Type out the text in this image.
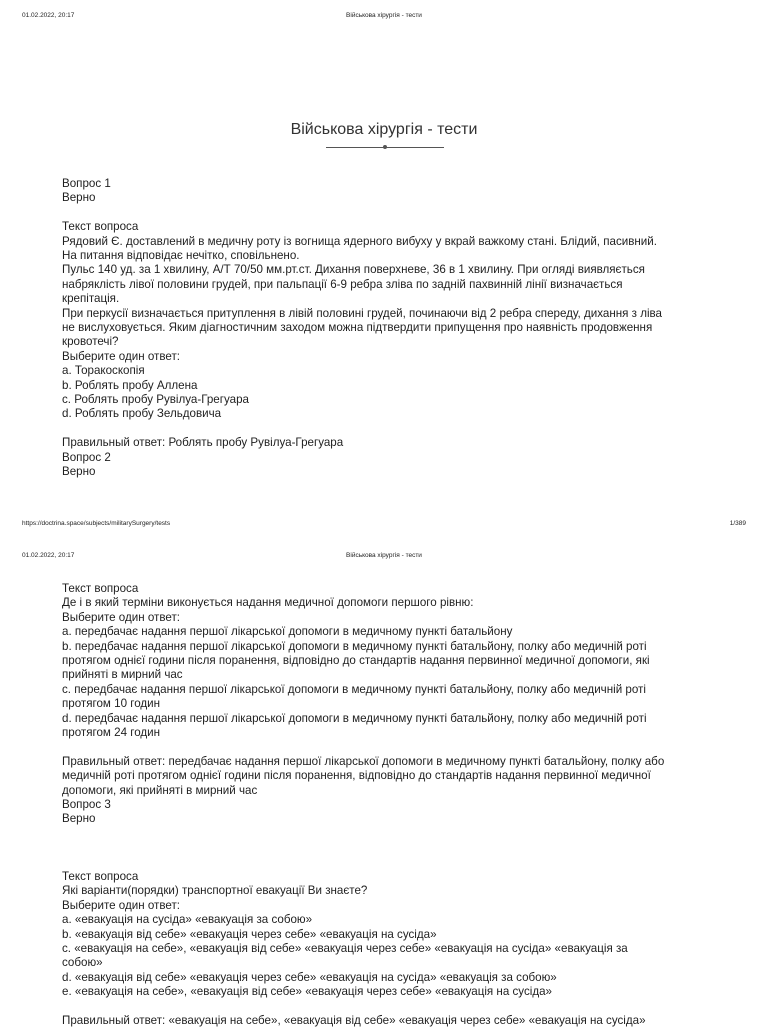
01.02.2022, 20:17	Військова хірургія - тести
Військова хірургія - тести
Вопрос 1
Верно
Текст вопроса
Рядовий Є. доставлений в медичну роту із вогнища ядерного вибуху у вкрай важкому стані. Блідий, пасивний.
На питання відповідає нечітко, сповільнено.
Пульс 140 уд. за 1 хвилину, А/Т 70/50 мм.рт.ст. Дихання поверхневе, 36 в 1 хвилину. При огляді виявляється
набряклість лівої половини грудей, при пальпації 6-9 ребра зліва по задній пахвинній лінії визначається
крепітація.
При перкусії визначається притуплення в лівій половині грудей, починаючи від 2 ребра спереду, дихання з ліва
не вислуховується. Яким діагностичним заходом можна підтвердити припущення про наявність продовження
кровотечі?
Выберите один ответ:
a. Торакоскопія
b. Роблять пробу Аллена
c. Роблять пробу Рувілуа-Грегуара
d. Роблять пробу Зельдовича
Правильный ответ: Роблять пробу Рувілуа-Грегуара
Вопрос 2
Верно
https://doctrina.space/subjects/militarySurgery/tests	1/389
01.02.2022, 20:17	Військова хірургія - тести
Текст вопроса
Де і в який терміни виконується надання медичної допомоги першого рівню:
Выберите один ответ:
a. передбачає надання першої лікарської допомоги в медичному пункті батальйону
b. передбачає надання першої лікарської допомоги в медичному пункті батальйону, полку або медичній роті
протягом однієї години після поранення, відповідно до стандартів надання первинної медичної допомоги, які
прийняті в мирний час
c. передбачає надання першої лікарської допомоги в медичному пункті батальйону, полку або медичній роті
протягом 10 годин
d. передбачає надання першої лікарської допомоги в медичному пункті батальйону, полку або медичній роті
протягом 24 годин
Правильный ответ: передбачає надання першої лікарської допомоги в медичному пункті батальйону, полку або
медичній роті протягом однієї години після поранення, відповідно до стандартів надання первинної медичної
допомоги, які прийняті в мирний час
Вопрос 3
Верно
Текст вопроса
Які варіанти(порядки) транспортної евакуації Ви знаєте?
Выберите один ответ:
a. «евакуація на сусіда» «евакуація за собою»
b. «евакуація від себе» «евакуація через себе» «евакуація на сусіда»
c. «евакуація на себе», «евакуація від себе» «евакуація через себе» «евакуація на сусіда» «евакуація за
собою»
d. «евакуація від себе» «евакуація через себе» «евакуація на сусіда» «евакуація за собою»
e. «евакуація на себе», «евакуація від себе» «евакуація через себе» «евакуація на сусіда»
Правильный ответ: «евакуація на себе», «евакуація від себе» «евакуація через себе» «евакуація на сусіда»
